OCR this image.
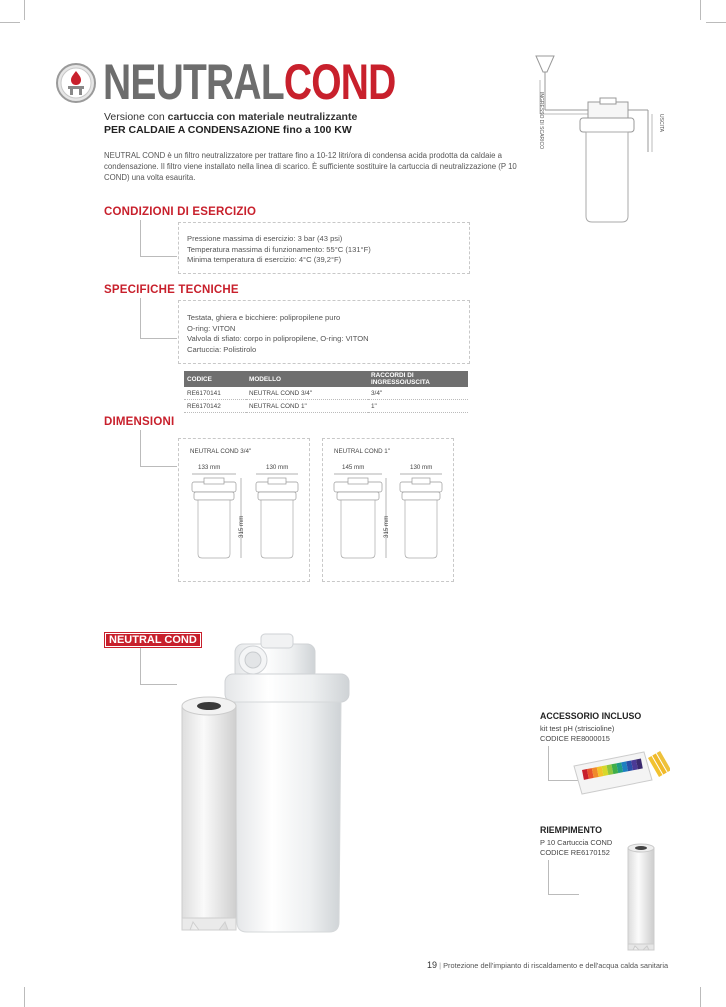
NEUTRALCOND
Versione con cartuccia con materiale neutralizzante
PER CALDAIE A CONDENSAZIONE fino a 100 KW
NEUTRAL COND è un filtro neutralizzatore per trattare fino a 10-12 litri/ora di condensa acida prodotta da caldaie a condensazione. Il filtro viene installato nella linea di scarico. È sufficiente sostituire la cartuccia di neutralizzazione (P 10 COND) una volta esaurita.
INGRESSO DI SCARICO	USCITA
CONDIZIONI DI ESERCIZIO
Pressione massima di esercizio: 3 bar (43 psi)
Temperatura massima di funzionamento: 55°C (131°F)
Minima temperatura di esercizio: 4°C (39,2°F)
SPECIFICHE TECNICHE
Testata, ghiera e bicchiere: polipropilene puro
O-ring: VITON
Valvola di sfiato: corpo in polipropilene, O-ring: VITON
Cartuccia: Polistirolo
CODICE	MODELLO	RACCORDI DI INGRESSO/USCITA
RE6170141	NEUTRAL COND 3/4"	3/4"
RE6170142	NEUTRAL COND 1"	1"
DIMENSIONI
NEUTRAL COND 3/4"
133 mm	130 mm
315 mm
NEUTRAL COND 1"
145 mm	130 mm
315 mm
NEUTRAL COND
ACCESSORIO INCLUSO
kit test pH (striscioline)
CODICE RE8000015
RIEMPIMENTO
P 10 Cartuccia COND
CODICE RE6170152
19 | Protezione dell'impianto di riscaldamento e dell'acqua calda sanitaria
